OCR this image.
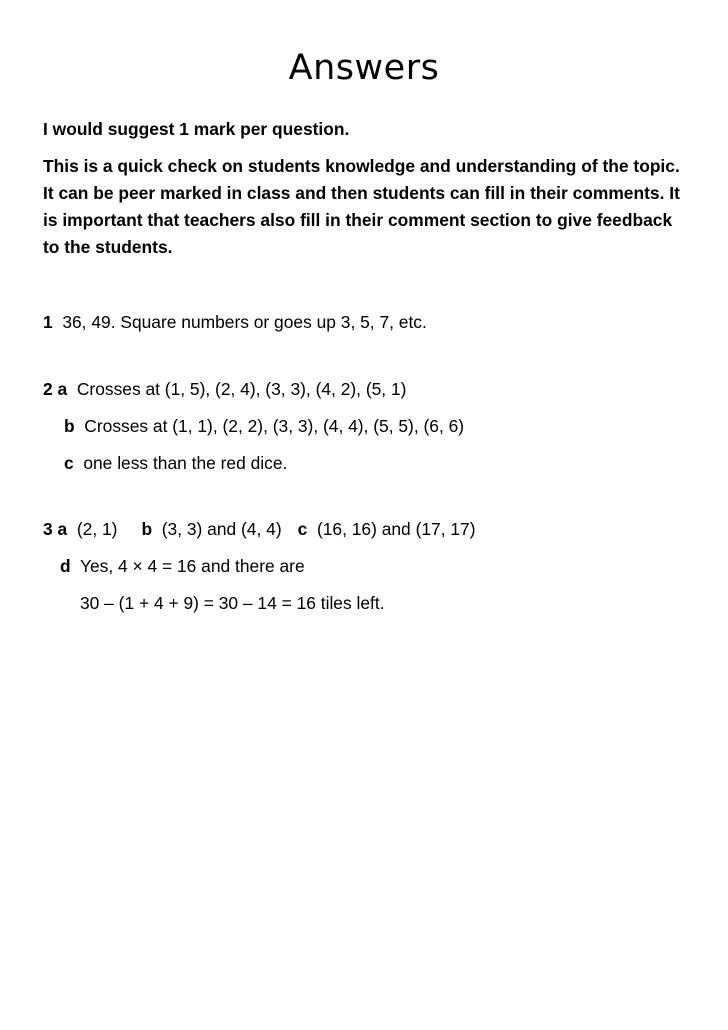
Answers

I would suggest 1 mark per question.

This is a quick check on students knowledge and understanding of the topic. It can be peer marked in class and then students can fill in their comments. It is important that teachers also fill in their comment section to give feedback to the students.

1 36, 49. Square numbers or goes up 3, 5, 7, etc.
2 a Crosses at (1, 5), (2, 4), (3, 3), (4, 2), (5, 1)
b Crosses at (1, 1), (2, 2), (3, 3), (4, 4), (5, 5), (6, 6)
c one less than the red dice.
3 a (2, 1) b (3, 3) and (4, 4) c (16, 16) and (17, 17)
d Yes, 4 × 4 = 16 and there are
30 – (1 + 4 + 9) = 30 – 14 = 16 tiles left.
